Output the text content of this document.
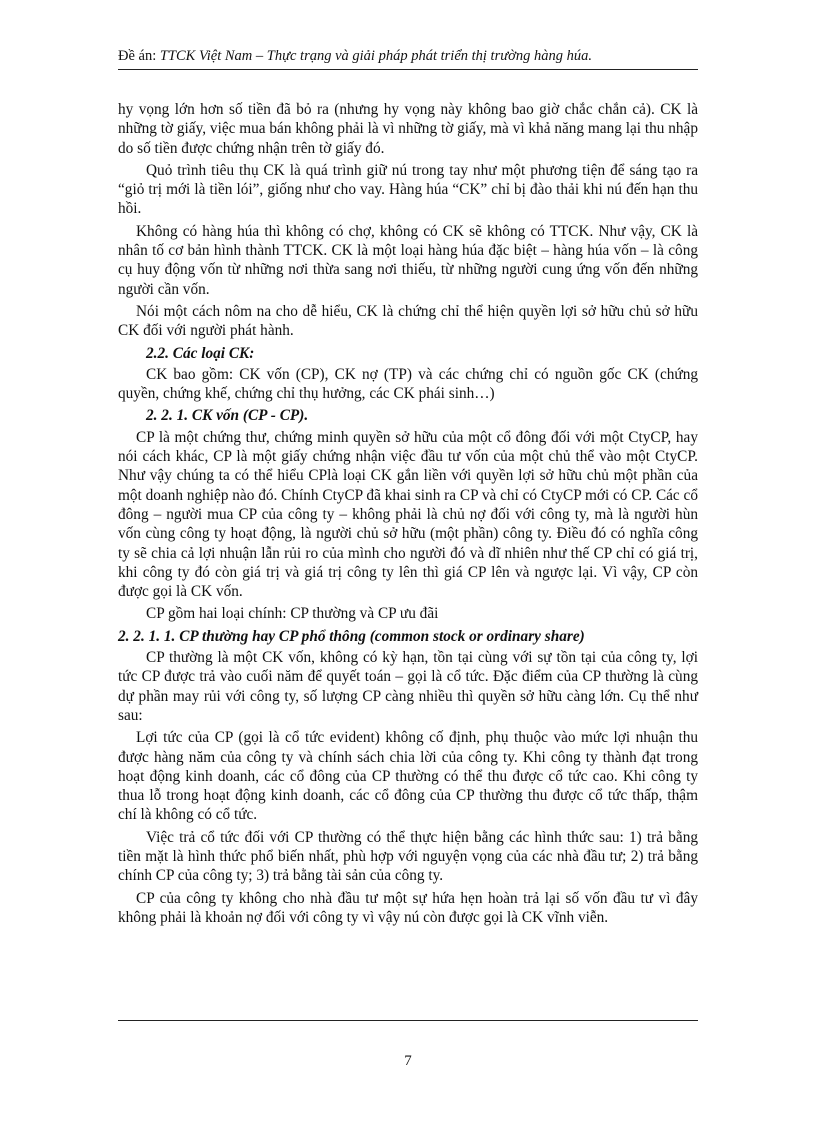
Đề án: TTCK Việt Nam – Thực trạng và giải pháp phát triển thị trường hàng húa.

hy vọng lớn hơn số tiền đã bỏ ra (nhưng hy vọng này không bao giờ chắc chắn cả). CK là những tờ giấy, việc mua bán không phải là vì những tờ giấy, mà vì khả năng mang lại thu nhập do số tiền được chứng nhận trên tờ giấy đó.

Quỏ trình tiêu thụ CK là quá trình giữ nú trong tay như một phương tiện để sáng tạo ra “giỏ trị mới là tiền lói”, giống như cho vay. Hàng húa “CK” chỉ bị đào thải khi nú đến hạn thu hồi.

Không có hàng húa thì không có chợ, không có CK sẽ không có TTCK. Như vậy, CK là nhân tố cơ bản hình thành TTCK. CK là một loại hàng húa đặc biệt – hàng húa vốn – là công cụ huy động vốn từ những nơi thừa sang nơi thiếu, từ những người cung ứng vốn đến những người cần vốn.

Nói một cách nôm na cho dễ hiểu, CK là chứng chỉ thể hiện quyền lợi sở hữu chủ sở hữu CK đối với người phát hành.

2.2. Các loại CK:

CK bao gồm: CK vốn (CP), CK nợ (TP) và các chứng chỉ có nguồn gốc CK (chứng quyền, chứng khế, chứng chỉ thụ hưởng, các CK phái sinh…)

2. 2. 1. CK vốn (CP - CP).

CP là một chứng thư, chứng minh quyền sở hữu của một cổ đông đối với một CtyCP, hay nói cách khác, CP là một giấy chứng nhận việc đầu tư vốn của một chủ thể vào một CtyCP. Như vậy chúng ta có thể hiểu CPlà loại CK gắn liền với quyền lợi sở hữu chủ một phần của một doanh nghiệp nào đó. Chính CtyCP đã khai sinh ra CP và chỉ có CtyCP mới có CP. Các cổ đông – người mua CP của công ty – không phải là chủ nợ đối với công ty, mà là người hùn vốn cùng công ty hoạt động, là người chủ sở hữu (một phần) công ty. Điều đó có nghĩa công ty sẽ chia cả lợi nhuận lẫn rủi ro của mình cho người đó và dĩ nhiên như thế CP chỉ có giá trị, khi công ty đó còn giá trị và giá trị công ty lên thì giá CP lên và ngược lại. Vì vậy, CP còn được gọi là CK vốn.

CP gồm hai loại chính: CP thường và CP ưu đãi

2. 2. 1. 1. CP thường hay CP phổ thông (common stock or ordinary share)

CP thường là một CK vốn, không có kỳ hạn, tồn tại cùng với sự tồn tại của công ty, lợi tức CP được trả vào cuối năm để quyết toán – gọi là cổ tức. Đặc điểm của CP thường là cùng dự phần may rủi với công ty, số lượng CP càng nhiều thì quyền sở hữu càng lớn. Cụ thể như sau:

Lợi tức của CP (gọi là cổ tức evident) không cố định, phụ thuộc vào mức lợi nhuận thu được hàng năm của công ty và chính sách chia lời của công ty. Khi công ty thành đạt trong hoạt động kinh doanh, các cổ đông của CP thường có thể thu được cổ tức cao. Khi công ty thua lỗ trong hoạt động kinh doanh, các cổ đông của CP thường thu được cổ tức thấp, thậm chí là không có cổ tức.

Việc trả cổ tức đối với CP thường có thể thực hiện bằng các hình thức sau: 1) trả bằng tiền mặt là hình thức phổ biến nhất, phù hợp với nguyện vọng của các nhà đầu tư; 2) trả bằng chính CP của công ty; 3) trả bằng tài sản của công ty.

CP của công ty không cho nhà đầu tư một sự hứa hẹn hoàn trả lại số vốn đầu tư vì đây không phải là khoản nợ đối với công ty vì vậy nú còn được gọi là CK vĩnh viễn.

7
